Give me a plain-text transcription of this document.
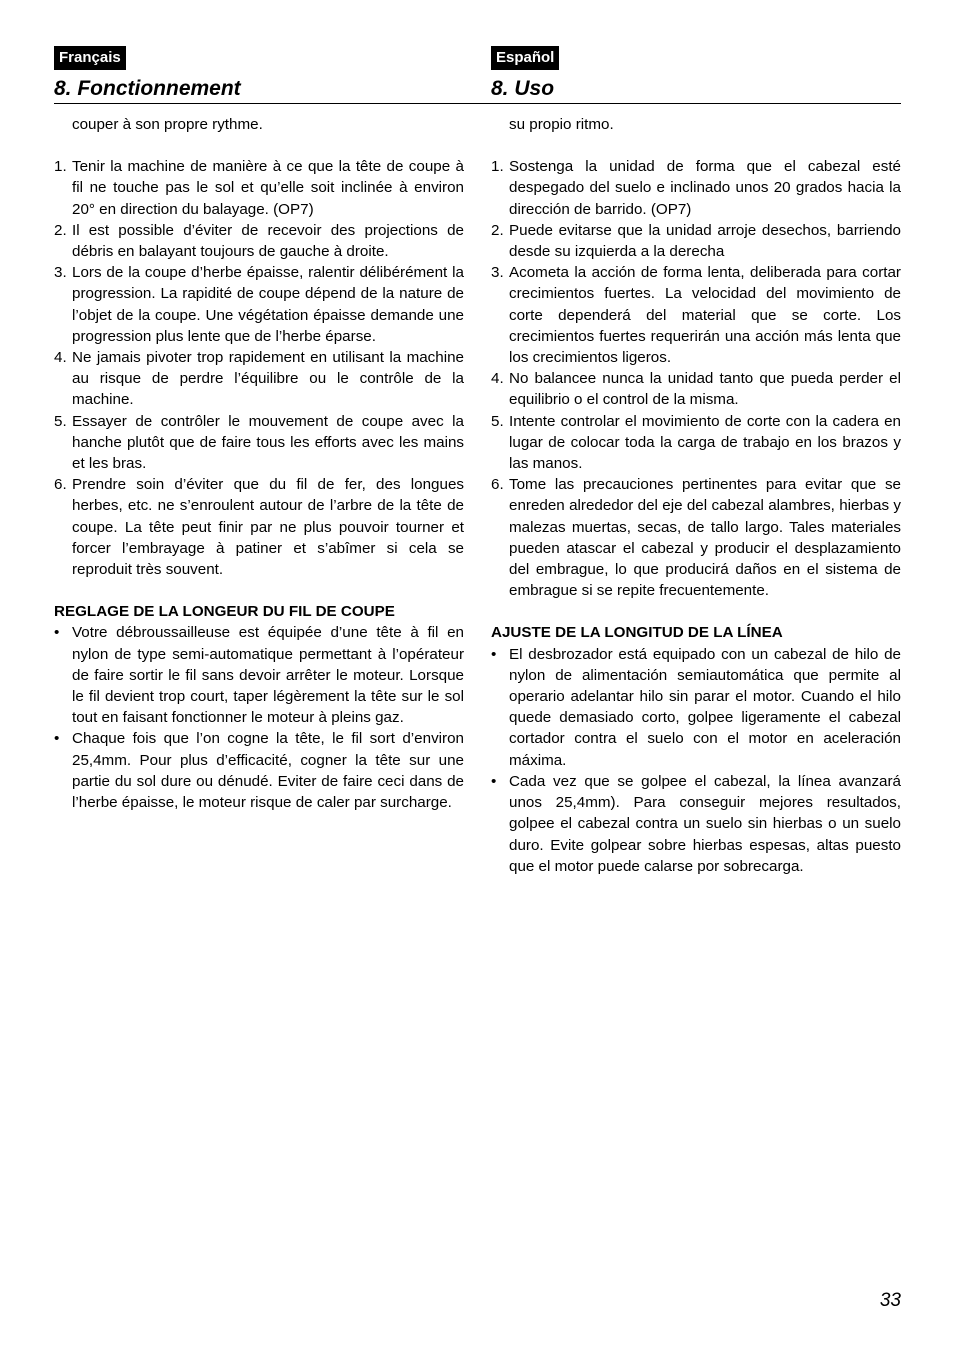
Français
8. Fonctionnement
Español
8. Uso

couper à son propre rythme.

1. Tenir la machine de manière à ce que la tête de coupe à fil ne touche pas le sol et qu’elle soit inclinée à environ 20° en direction du balayage. (OP7)
2. Il est possible d’éviter de recevoir des projections de débris en balayant toujours de gauche à droite.
3. Lors de la coupe d’herbe épaisse, ralentir délibérément la progression. La rapidité de coupe dépend de la nature de l’objet de la coupe. Une végétation épaisse demande une progression plus lente que de l’herbe éparse.
4. Ne jamais pivoter trop rapidement en utilisant la machine au risque de perdre l’équilibre ou le contrôle de la machine.
5. Essayer de contrôler le mouvement de coupe avec la hanche plutôt que de faire tous les efforts avec les mains et les bras.
6. Prendre soin d’éviter que du fil de fer, des longues herbes, etc. ne s’enroulent autour de l’arbre de la tête de coupe. La tête peut finir par ne plus pouvoir tourner et forcer l’embrayage à patiner et s’abîmer si cela se reproduit très souvent.

REGLAGE DE LA LONGEUR DU FIL DE COUPE

• Votre débroussailleuse est équipée d’une tête à fil en nylon de type semi-automatique permettant à l’opérateur de faire sortir le fil sans devoir arrêter le moteur. Lorsque le fil devient trop court, taper légèrement la tête sur le sol tout en faisant fonctionner le moteur à pleins gaz.
• Chaque fois que l’on cogne la tête, le fil sort d’environ 25,4mm. Pour plus d’efficacité, cogner la tête sur une partie du sol dure ou dénudé. Eviter de faire ceci dans de l’herbe épaisse, le moteur risque de caler par surcharge.

su propio ritmo.

1. Sostenga la unidad de forma que el cabezal esté despegado del suelo e inclinado unos 20 grados hacia la dirección de barrido. (OP7)
2. Puede evitarse que la unidad arroje desechos, barriendo desde su izquierda a la derecha
3. Acometa la acción de forma lenta, deliberada para cortar crecimientos fuertes. La velocidad del movimiento de corte dependerá del material que se corte. Los crecimientos fuertes requerirán una acción más lenta que los crecimientos ligeros.
4. No balancee nunca la unidad tanto que pueda perder el equilibrio o el control de la misma.
5. Intente controlar el movimiento de corte con la cadera en lugar de colocar toda la carga de trabajo en los brazos y las manos.
6. Tome las precauciones pertinentes para evitar que se enreden alrededor del eje del cabezal alambres, hierbas y malezas muertas, secas, de tallo largo. Tales materiales pueden atascar el cabezal y producir el desplazamiento del embrague, lo que producirá daños en el sistema de embrague si se repite frecuentemente.

AJUSTE DE LA LONGITUD DE LA LÍNEA

• El desbrozador está equipado con un cabezal de hilo de nylon de alimentación semiautomática que permite al operario adelantar hilo sin parar el motor. Cuando el hilo quede demasiado corto, golpee ligeramente el cabezal cortador contra el suelo con el motor en aceleración máxima.
• Cada vez que se golpee el cabezal, la línea avanzará unos 25,4mm). Para conseguir mejores resultados, golpee el cabezal contra un suelo sin hierbas o un suelo duro. Evite golpear sobre hierbas espesas, altas puesto que el motor puede calarse por sobrecarga.
33
